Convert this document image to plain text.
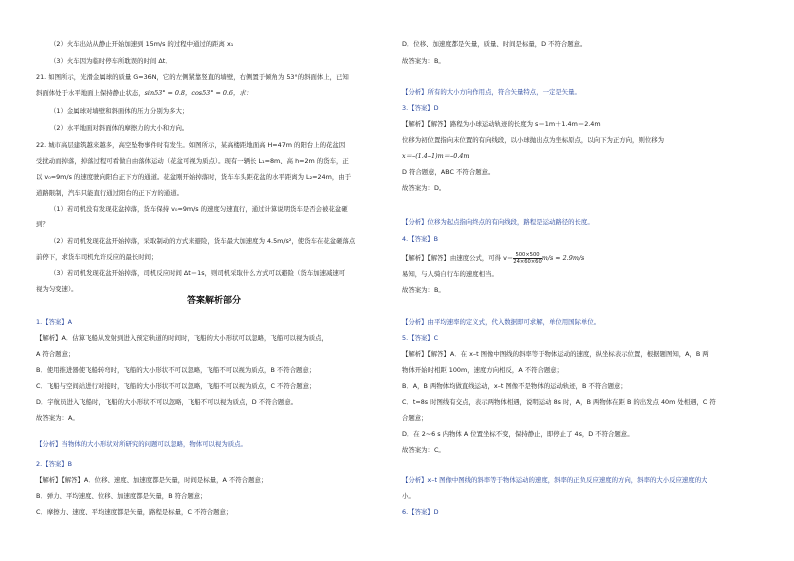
（2）火车出站从静止开始加速到 15m/s 的过程中通过的距离 x₁
（3）火车因为临时停车所耽误的时间 Δt．
21. 如图所示，光滑金属球的质量 G=36N，它的左侧紧靠竖直的墙壁，右侧置于倾角为 53°的斜面体上，已知
斜面体处于水平地面上保持静止状态，sin53° = 0.8，cos53° = 0.6，求：
（1）金属球对墙壁和斜面体的压力分别为多大；
（2）水平地面对斜面体的摩擦力的大小和方向。
22. 城市高层建筑越来越多，高空坠物事件时有发生。如图所示，某高楼距地面高 H=47m 的阳台上的花盆因
受扰动而掉落，掉落过程可看做自由落体运动（花盆可视为质点）。现有一辆长 L₁=8m、高 h=2m 的货车，正
以 v₀=9m/s 的速度驶向阳台正下方的通道。花盆刚开始掉落时，货车车头距花盆的水平距离为 L₂=24m，由于
道路限制，汽车只能直行通过阳台的正下方的通道。
（1）若司机没有发现花盆掉落，货车保持 v₀=9m/s 的速度匀速直行，通过计算说明货车是否会被花盆砸
到？
（2）若司机发现花盆开始掉落，采取制动的方式来避险，货车最大加速度为 4.5m/s²，使货车在花盆砸落点
前停下，求货车司机允许反应的最长时间；
（3）若司机发现花盆开始掉落，司机反应时间 Δt＝1s，则司机采取什么方式可以避险（货车加速减速可
视为匀变速）。
答案解析部分
1.【答案】A
【解析】A．估算飞船从发射到进入预定轨道的时间时，飞船的大小形状可以忽略，飞船可以视为质点，
A 符合题意；
B．使用推进器使飞船转弯时，飞船的大小形状不可以忽略，飞船不可以视为质点，B 不符合题意；
C．飞船与空间站进行对接时，飞船的大小形状不可以忽略，飞船不可以视为质点，C 不符合题意；
D．宇航员进入飞船时，飞船的大小形状不可以忽略，飞船不可以视为质点，D 不符合题意。
故答案为：A。
【分析】当物体的大小形状对所研究的问题可以忽略，物体可以视为质点。
2.【答案】B
【解析】【解答】A．位移、速度、加速度都是矢量，时间是标量，A 不符合题意；
B．弹力、平均速度、位移、加速度都是矢量，B 符合题意；
C．摩擦力、速度、平均速度都是矢量，路程是标量，C 不符合题意；
D．位移、加速度都是矢量，质量、时间是标量，D 不符合题意。
故答案为：B。
【分析】所有的大小方向作用点，符合矢量特点，一定是矢量。
3.【答案】D
【解析】【解答】路程为小球运动轨迹的长度为 s＝1m＋1.4m＝2.4m
位移为初位置指向末位置的有向线段，以小球抛出点为坐标原点，以向下为正方向，则位移为
x＝–(1.4–1)m＝–0.4m
D 符合题意，ABC 不符合题意。
故答案为：D。
【分析】位移为起点指向终点的有向线段，路程是运动路径的长度。
4.【答案】B
【解析】【解答】由速度公式，可得 $v= \frac{500\times 500}{24\times 60\times 60} m/s \approx 2.9m/s$
易知，与人骑自行车的速度相当。
故答案为：B。
【分析】由平均速率的定义式，代入数据即可求解，单位用国际单位。
5.【答案】C
【解析】【解答】A．在 x–t 图像中图线的斜率等于物体运动的速度，纵坐标表示位置，根据题图知，A，B 两
物体开始时相距 100m，速度方向相反，A 不符合题意；
B．A，B 两物体均做直线运动，x–t 图像不是物体的运动轨迹，B 不符合题意；
C．t=8s 时图线有交点，表示两物体相遇，说明运动 8s 时，A，B 两物体在距 B 的出发点 40m 处相遇，C 符
合题意；
D．在 2~6 s 内物体 A 位置坐标不变，保持静止，即停止了 4s，D 不符合题意。
故答案为：C。
【分析】x–t 图像中图线的斜率等于物体运动的速度，斜率的正负反应速度的方向，斜率的大小反应速度的大
小。
6.【答案】D
